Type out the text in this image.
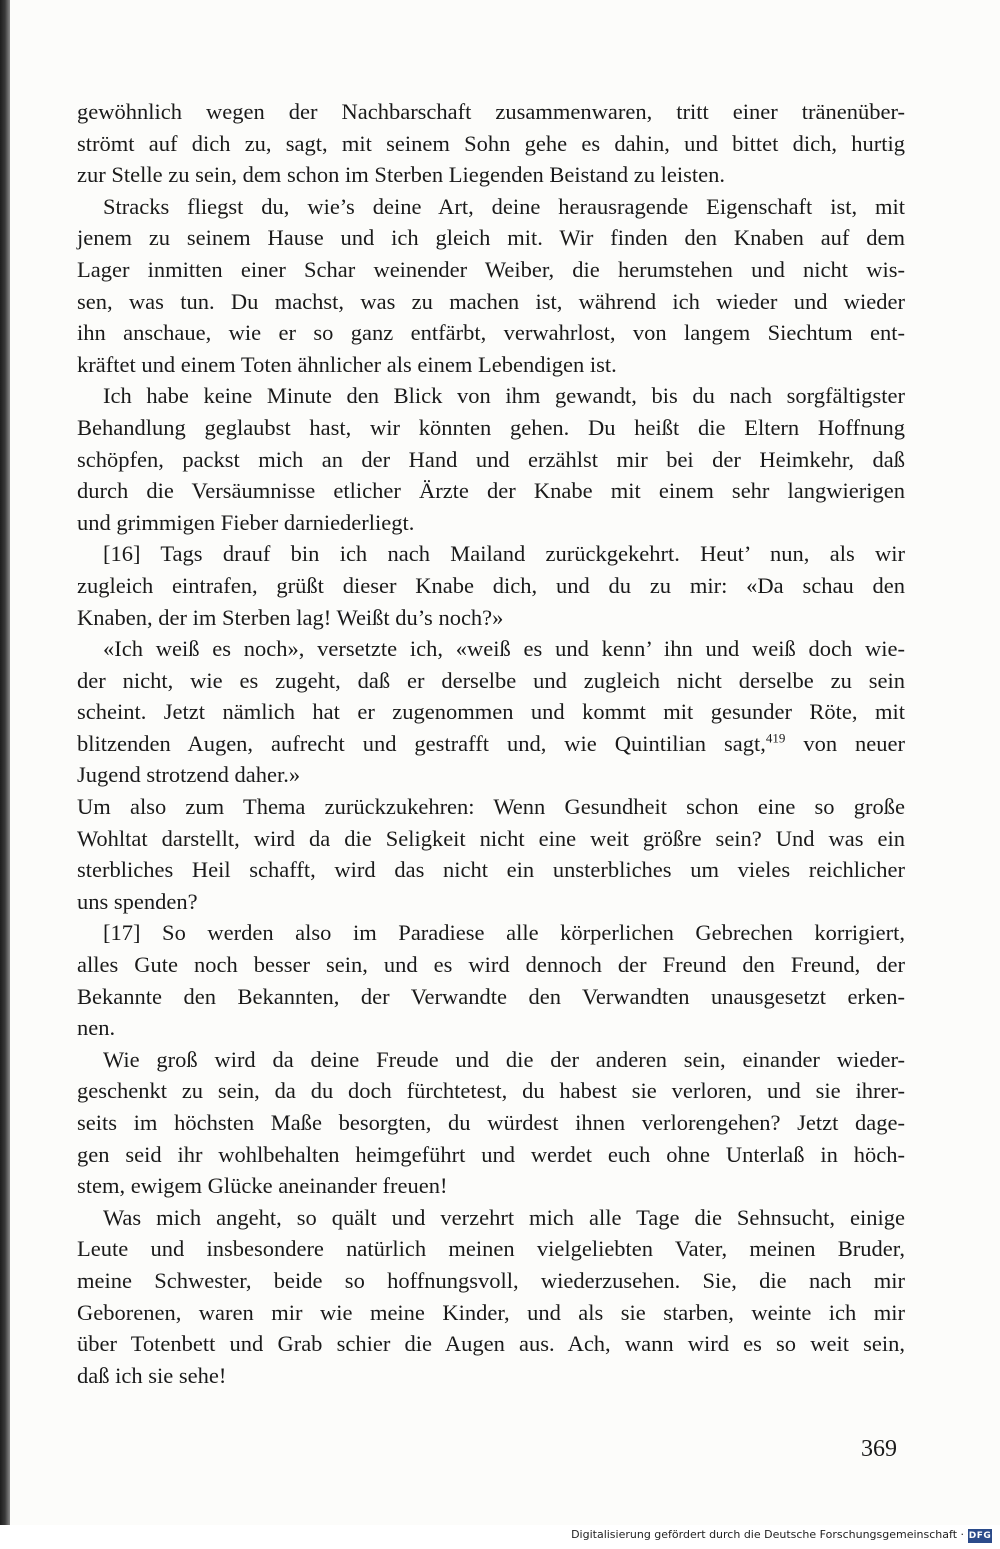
gewöhnlich wegen der Nachbarschaft zusammenwaren, tritt einer tränenüber-
strömt auf dich zu, sagt, mit seinem Sohn gehe es dahin, und bittet dich, hurtig
zur Stelle zu sein, dem schon im Sterben Liegenden Beistand zu leisten.
Stracks fliegst du, wie’s deine Art, deine herausragende Eigenschaft ist, mit
jenem zu seinem Hause und ich gleich mit. Wir finden den Knaben auf dem
Lager inmitten einer Schar weinender Weiber, die herumstehen und nicht wis-
sen, was tun. Du machst, was zu machen ist, während ich wieder und wieder
ihn anschaue, wie er so ganz entfärbt, verwahrlost, von langem Siechtum ent-
kräftet und einem Toten ähnlicher als einem Lebendigen ist.
Ich habe keine Minute den Blick von ihm gewandt, bis du nach sorgfältigster
Behandlung geglaubst hast, wir könnten gehen. Du heißt die Eltern Hoffnung
schöpfen, packst mich an der Hand und erzählst mir bei der Heimkehr, daß
durch die Versäumnisse etlicher Ärzte der Knabe mit einem sehr langwierigen
und grimmigen Fieber darniederliegt.
[16] Tags drauf bin ich nach Mailand zurückgekehrt. Heut’ nun, als wir
zugleich eintrafen, grüßt dieser Knabe dich, und du zu mir: «Da schau den
Knaben, der im Sterben lag! Weißt du’s noch?»
«Ich weiß es noch», versetzte ich, «weiß es und kenn’ ihn und weiß doch wie-
der nicht, wie es zugeht, daß er derselbe und zugleich nicht derselbe zu sein
scheint. Jetzt nämlich hat er zugenommen und kommt mit gesunder Röte, mit
blitzenden Augen, aufrecht und gestrafft und, wie Quintilian sagt,$^{419}$ von neuer
Jugend strotzend daher.»
Um also zum Thema zurückzukehren: Wenn Gesundheit schon eine so große
Wohltat darstellt, wird da die Seligkeit nicht eine weit größre sein? Und was ein
sterbliches Heil schafft, wird das nicht ein unsterbliches um vieles reichlicher
uns spenden?
[17] So werden also im Paradiese alle körperlichen Gebrechen korrigiert,
alles Gute noch besser sein, und es wird dennoch der Freund den Freund, der
Bekannte den Bekannten, der Verwandte den Verwandten unausgesetzt erken-
nen.
Wie groß wird da deine Freude und die der anderen sein, einander wieder-
geschenkt zu sein, da du doch fürchtetest, du habest sie verloren, und sie ihrer-
seits im höchsten Maße besorgten, du würdest ihnen verlorengehen? Jetzt dage-
gen seid ihr wohlbehalten heimgeführt und werdet euch ohne Unterlaß in höch-
stem, ewigem Glücke aneinander freuen!
Was mich angeht, so quält und verzehrt mich alle Tage die Sehnsucht, einige
Leute und insbesondere natürlich meinen vielgeliebten Vater, meinen Bruder,
meine Schwester, beide so hoffnungsvoll, wiederzusehen. Sie, die nach mir
Geborenen, waren mir wie meine Kinder, und als sie starben, weinte ich mir
über Totenbett und Grab schier die Augen aus. Ach, wann wird es so weit sein,
daß ich sie sehe!
369
Digitalisierung gefördert durch die Deutsche Forschungsgemeinschaft · DFG
